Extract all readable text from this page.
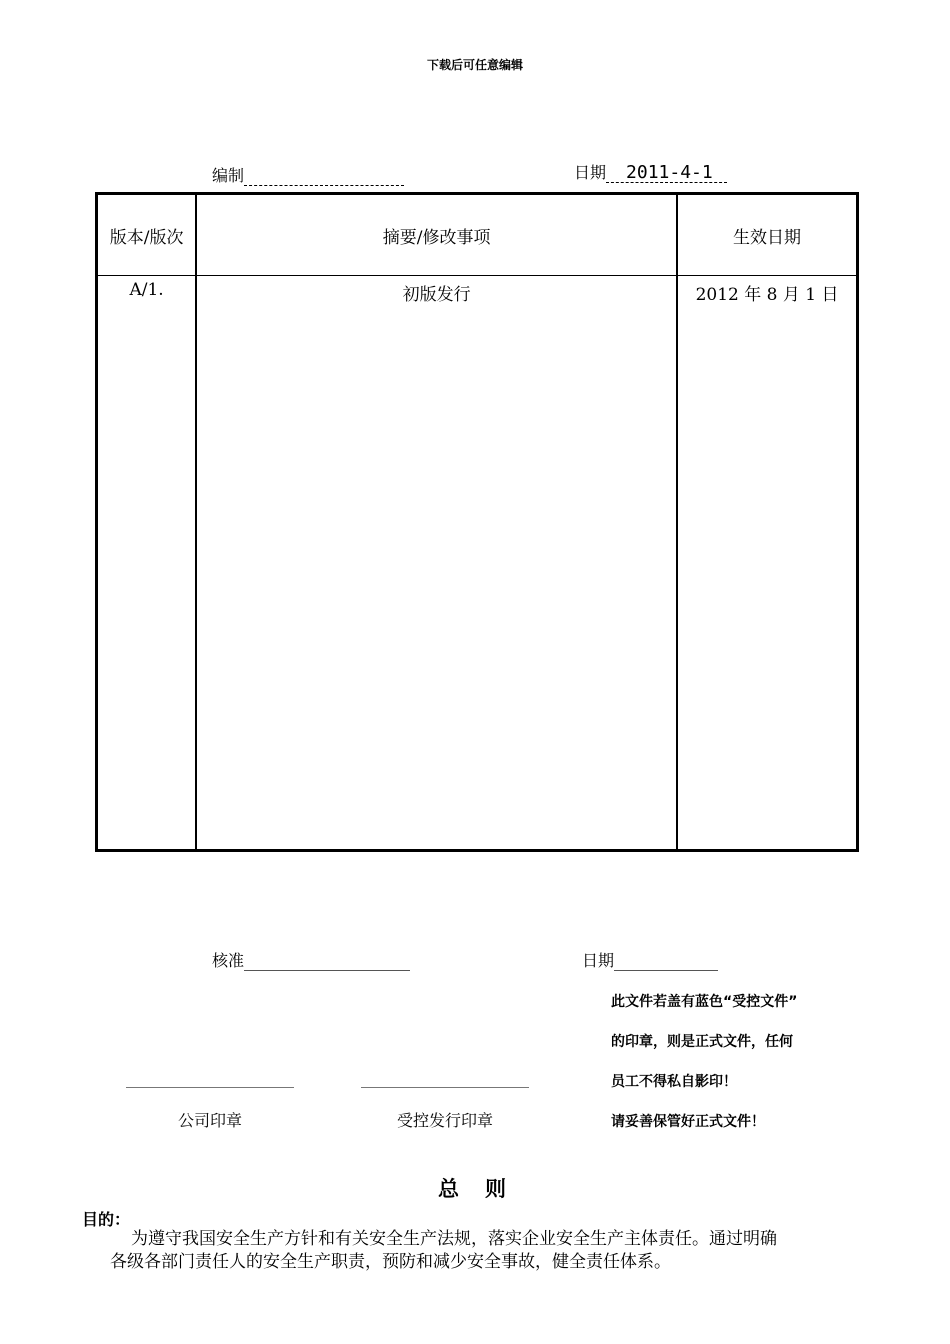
下载后可任意编辑
编制	日期 2011-4-1
版本/版次	摘要/修改事项	生效日期
A/1.	初版发行	2012 年 8 月 1 日
核准	日期
公司印章	受控发行印章
此文件若盖有蓝色“受控文件”
的印章，则是正式文件，任何
员工不得私自影印！
请妥善保管好正式文件！
总则
目的：
为遵守我国安全生产方针和有关安全生产法规，落实企业安全生产主体责任。通过明确
各级各部门责任人的安全生产职责，预防和减少安全事故，健全责任体系。
